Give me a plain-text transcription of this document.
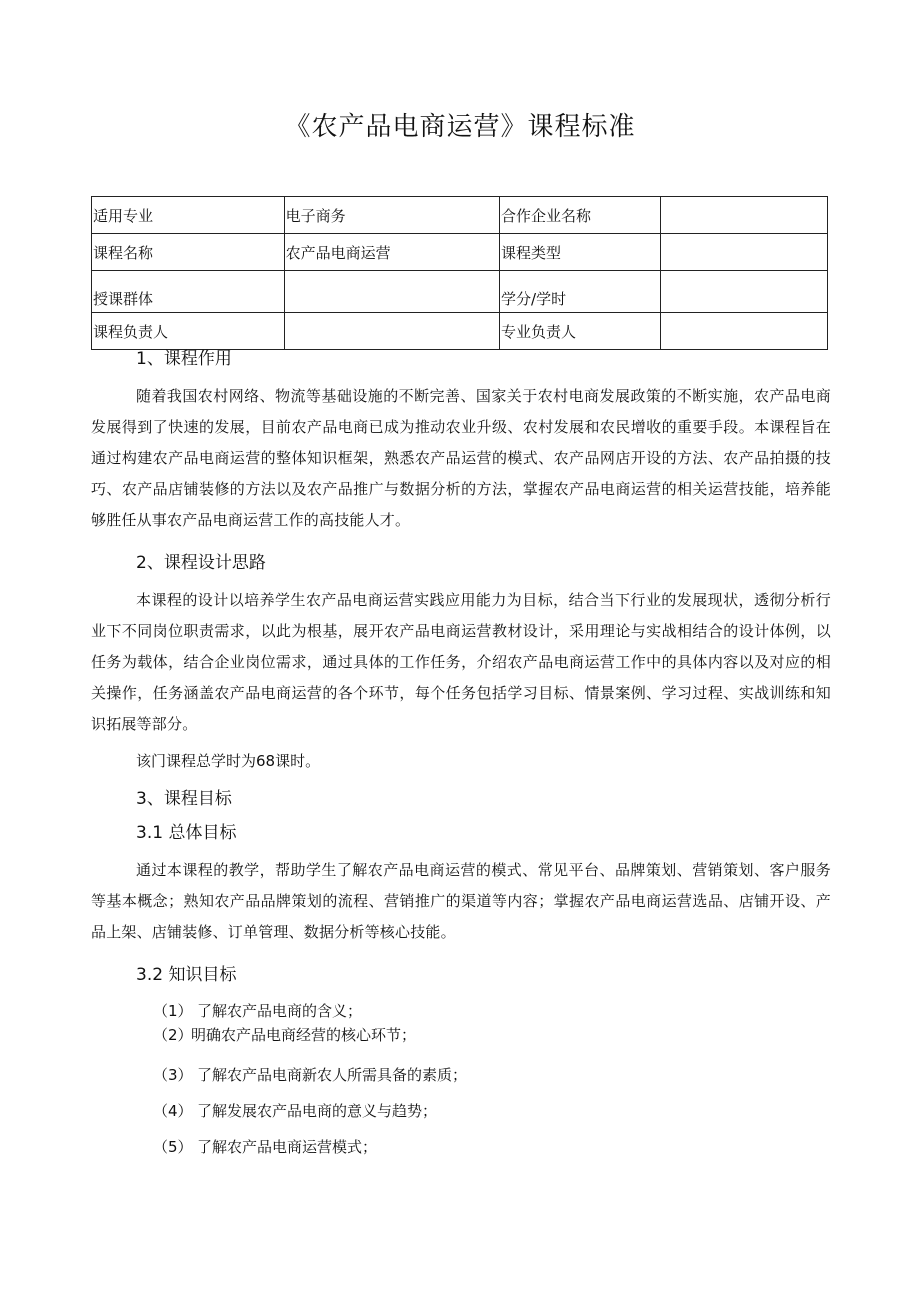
《农产品电商运营》课程标准
适用专业	电子商务	合作企业名称	
课程名称	农产品电商运营	课程类型	
授课群体		学分/学时	
课程负责人		专业负责人	
1、课程作用

随着我国农村网络、物流等基础设施的不断完善、国家关于农村电商发展政策的不断实施，农产品电商发展得到了快速的发展，目前农产品电商已成为推动农业升级、农村发展和农民增收的重要手段。本课程旨在通过构建农产品电商运营的整体知识框架，熟悉农产品运营的模式、农产品网店开设的方法、农产品拍摄的技巧、农产品店铺装修的方法以及农产品推广与数据分析的方法，掌握农产品电商运营的相关运营技能，培养能够胜任从事农产品电商运营工作的高技能人才。

2、课程设计思路

本课程的设计以培养学生农产品电商运营实践应用能力为目标，结合当下行业的发展现状，透彻分析行业下不同岗位职责需求，以此为根基，展开农产品电商运营教材设计，采用理论与实战相结合的设计体例，以任务为载体，结合企业岗位需求，通过具体的工作任务，介绍农产品电商运营工作中的具体内容以及对应的相关操作，任务涵盖农产品电商运营的各个环节，每个任务包括学习目标、情景案例、学习过程、实战训练和知识拓展等部分。

该门课程总学时为68课时。

3、课程目标
3.1 总体目标

通过本课程的教学，帮助学生了解农产品电商运营的模式、常见平台、品牌策划、营销策划、客户服务等基本概念；熟知农产品品牌策划的流程、营销推广的渠道等内容；掌握农产品电商运营选品、店铺开设、产品上架、店铺装修、订单管理、数据分析等核心技能。

3.2 知识目标

（1） 了解农产品电商的含义；

（2）明确农产品电商经营的核心环节；

（3） 了解农产品电商新农人所需具备的素质；

（4） 了解发展农产品电商的意义与趋势；

（5） 了解农产品电商运营模式；
